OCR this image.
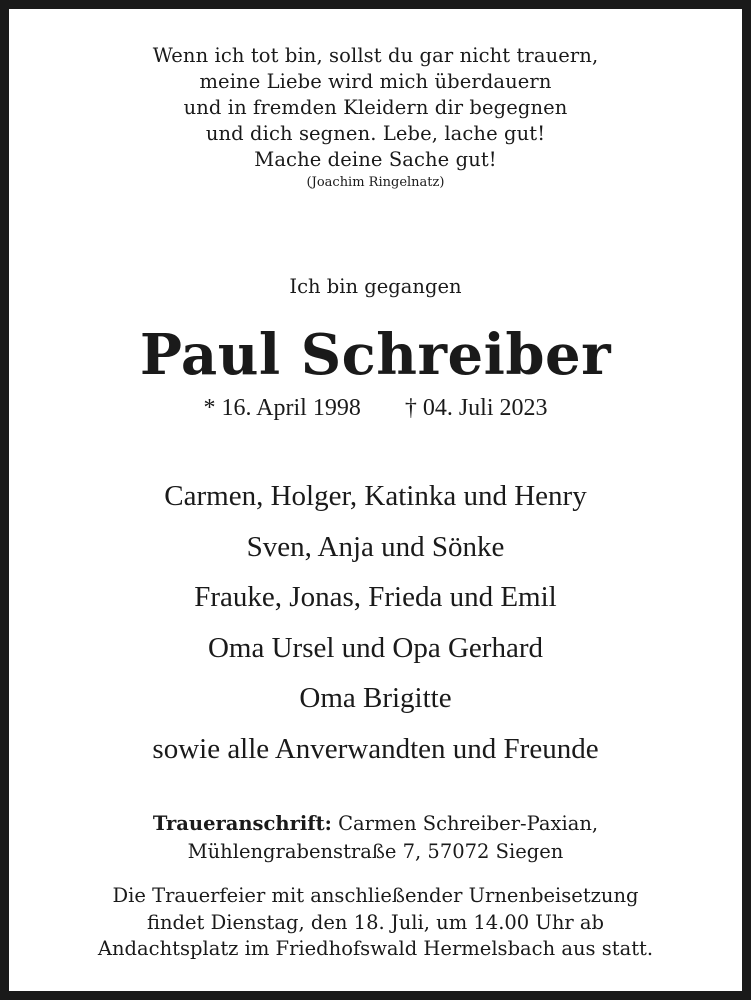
Wenn ich tot bin, sollst du gar nicht trauern,
meine Liebe wird mich überdauern
und in fremden Kleidern dir begegnen
und dich segnen. Lebe, lache gut!
Mache deine Sache gut!
(Joachim Ringelnatz)
Ich bin gegangen
Paul Schreiber
* 16. April 1998 † 04. Juli 2023
Carmen, Holger, Katinka und Henry
Sven, Anja und Sönke
Frauke, Jonas, Frieda und Emil
Oma Ursel und Opa Gerhard
Oma Brigitte
sowie alle Anverwandten und Freunde
Traueranschrift: Carmen Schreiber-Paxian,
Mühlengrabenstraße 7, 57072 Siegen
Die Trauerfeier mit anschließender Urnenbeisetzung
findet Dienstag, den 18. Juli, um 14.00 Uhr ab
Andachtsplatz im Friedhofswald Hermelsbach aus statt.
